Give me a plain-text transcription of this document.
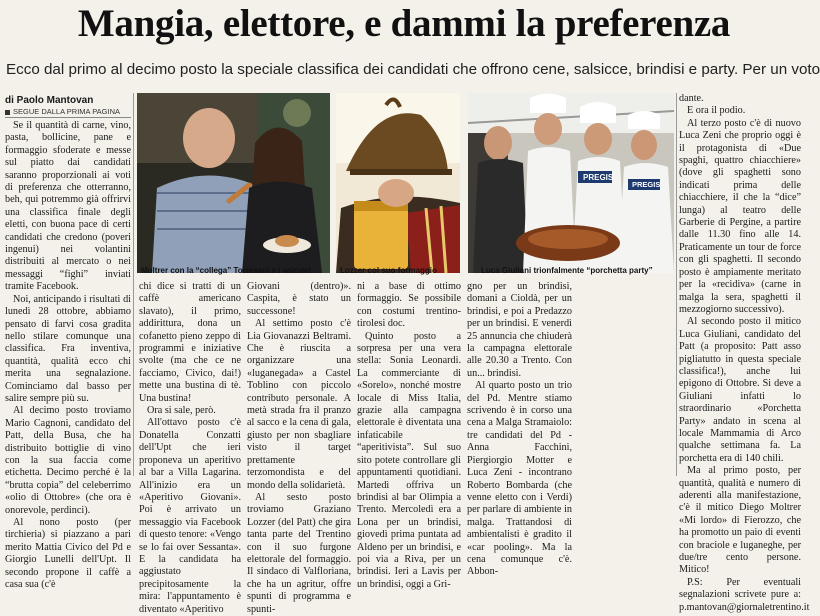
Mangia, elettore, e dammi la preferenza
Ecco dal primo al decimo posto la speciale classifica dei candidati che offrono cene, salsicce, brindisi e party. Per un voto
di Paolo Mantovan
SEGUE DALLA PRIMA PAGINA

Se il quantità di carne, vino, pasta, bollicine, pane e formaggio sfoderate e messe sul piatto dai candidati saranno proporzionali ai voti di preferenza che otterranno, beh, qui potremmo già offrirvi una classifica finale degli eletti, con buona pace di certi candidati che credono (poveri ingenui) nei volantini distribuiti al mercato o nei messaggi “fighi” inviati tramite Facebook.

Noi, anticipando i risultati di lunedì 28 ottobre, abbiamo pensato di farvi cosa gradita nello stilare comunque una classifica. Fra inventiva, quantità, qualità ecco chi merita una segnalazione. Cominciamo dal basso per salire sempre più su.

Al decimo posto troviamo Mario Cagnoni, candidato del Patt, della Busa, che ha distribuito bottiglie di vino con la sua faccia come etichetta. Decimo perché è la “brutta copia” del celeberrimo «olio di Ottobre» (che ora è onorevole, perdinci).

Al nono posto (per tirchieria) si piazzano a pari merito Mattia Civico del Pd e Giorgio Lunelli dell'Upt. Il secondo propone il caffè a casa sua (c'è

Moltrer con la “collega” Torresani e i würstel	Lozzer col suo formaggio
PREGIS
PREGIS
Luca Giuliani trionfalmente “porchetta party”

chi dice si tratti di un caffè americano slavato), il primo, addirittura, dona un cofanetto pieno zeppo di programmi e iniziative svolte (ma che ce ne facciamo, Civico, dai!) mette una bustina di tè. Una bustina!

Ora si sale, però.

All'ottavo posto c'è Donatella Conzatti dell'Upt che ieri proponeva un aperitivo al bar a Villa Lagarina. All'inizio era un «Aperitivo Giovani». Poi è arrivato un messaggio via Facebook di questo tenore: «Vengo se lo fai over Sessanta». E la candidata ha aggiustato precipitosamente la mira: l'appuntamento è diventato «Aperitivo

Giovani (dentro)». Caspita, è stato un successone!

Al settimo posto c'è Lia Giovanazzi Beltrami. Che è riuscita a organizzare una «luganegada» a Castel Toblino con piccolo contributo personale. A metà strada fra il pranzo al sacco e la cena di gala, giusto per non sbagliare visto il target prettamente terzomondista e del mondo della solidarietà.

Al sesto posto troviamo Graziano Lozzer (del Patt) che gira tanta parte del Trentino con il suo furgone elettorale del formaggio. Il sindaco di Valfloriana, che ha un agritur, offre spunti di programma e spunti-

ni a base di ottimo formaggio. Se possibile con costumi trentino-tirolesi doc.

Quinto posto a sorpresa per una vera stella: Sonia Leonardi. La commerciante di «Sorelo», nonché mostre locale di Miss Italia, grazie alla campagna elettorale è diventata una infaticabile “aperitivista”. Sul suo sito potete controllare gli appuntamenti quotidiani. Martedì offriva un brindisi al bar Olimpia a Trento. Mercoledì era a Lona per un brindisi, giovedì prima puntata ad Aldeno per un brindisi, e poi via a Riva, per un brindisi. Ieri a Lavis per un brindisi, oggi a Gri-

gno per un brindisi, domani a Cioldà, per un brindisi, e poi a Predazzo per un brindisi. E venerdì 25 annuncia che chiuderà la campagna elettorale alle 20.30 a Trento. Con un... brindisi.

Al quarto posto un trio del Pd. Mentre stiamo scrivendo è in corso una cena a Malga Stramaiolo: tre candidati del Pd - Anna Facchini, Piergiorgio Motter e Luca Zeni - incontrano Roberto Bombarda (che venne eletto con i Verdi) per parlare di ambiente in malga. Trattandosi di ambientalisti è gradito il «car pooling». Ma la cena comunque c'è. Abbon-

dante.

E ora il podio.

Al terzo posto c'è di nuovo Luca Zeni che proprio oggi è il protagonista di «Due spaghi, quattro chiacchiere» (dove gli spaghetti sono indicati prima delle chiacchiere, il che la “dice” lunga) al teatro delle Garberie di Pergine, a partire dalle 11.30 fino alle 14. Praticamente un tour de force con gli spaghetti. Il secondo posto è ampiamente meritato per la «recidiva» (carne in malga la sera, spaghetti il mezzogiorno successivo).

Al secondo posto il mitico Luca Giuliani, candidato del Patt (a proposito: Patt asso pigliatutto in questa speciale classifica!), anche lui epigono di Ottobre. Si deve a Giuliani infatti lo straordinario «Porchetta Party» andato in scena al locale Mammamia di Arco qualche settimana fa. La porchetta era di 140 chili.

Ma al primo posto, per quantità, qualità e numero di aderenti alla manifestazione, c'è il mitico Diego Moltrer «Mi lordo» di Fierozzo, che ha promotto un paio di eventi con braciole e luganeghe, per due/tre cento persone. Mitico!

P.S: Per eventuali segnalazioni scrivete pure a: p.mantovan@giornaletrentino.it
